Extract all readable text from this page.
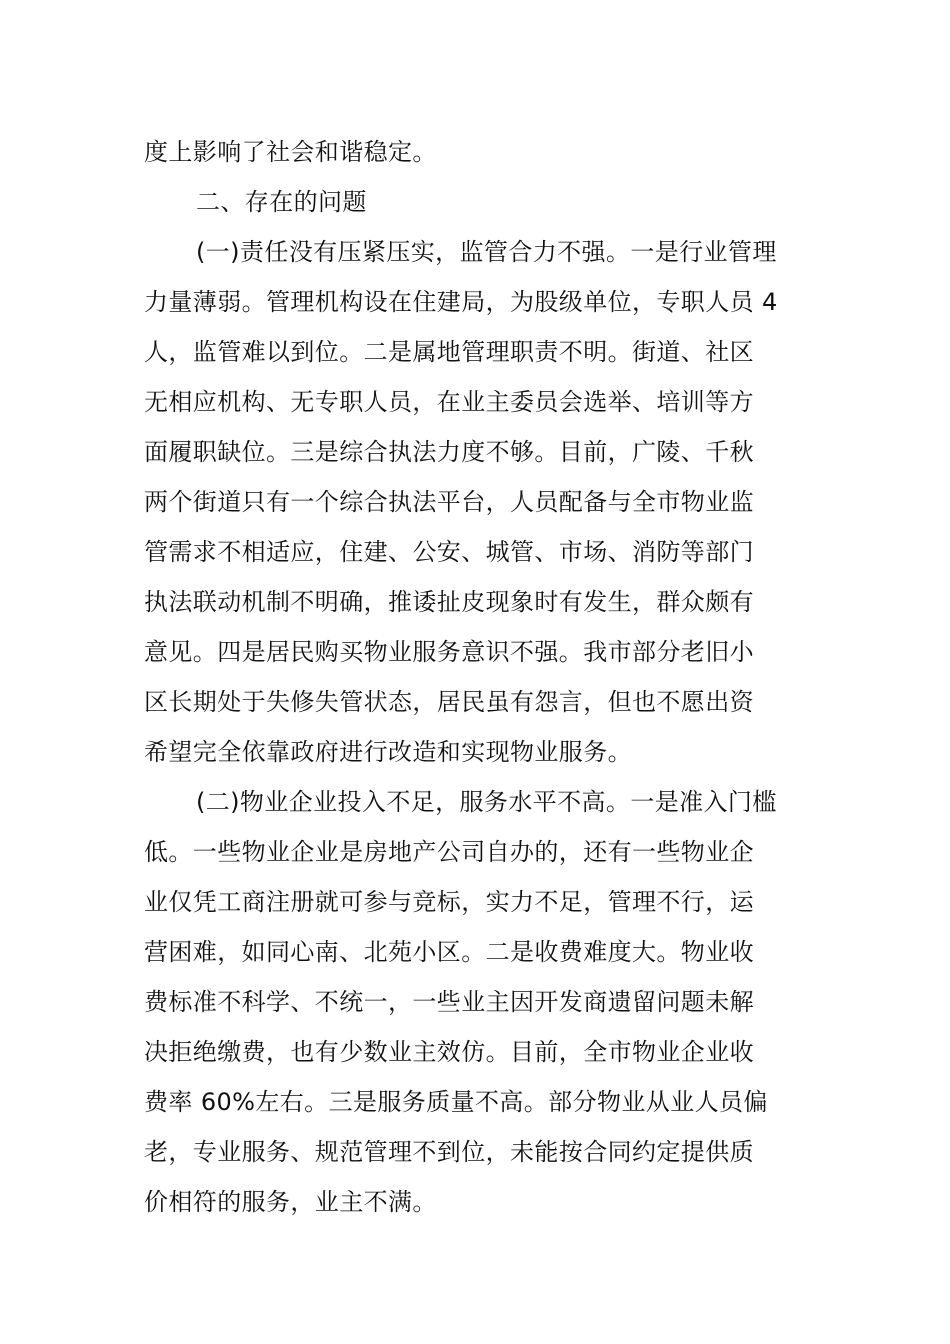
度上影响了社会和谐稳定。
二、存在的问题
(一)责任没有压紧压实，监管合力不强。一是行业管理
力量薄弱。管理机构设在住建局，为股级单位，专职人员 4
人，监管难以到位。二是属地管理职责不明。街道、社区
无相应机构、无专职人员，在业主委员会选举、培训等方
面履职缺位。三是综合执法力度不够。目前，广陵、千秋
两个街道只有一个综合执法平台，人员配备与全市物业监
管需求不相适应，住建、公安、城管、市场、消防等部门
执法联动机制不明确，推诿扯皮现象时有发生，群众颇有
意见。四是居民购买物业服务意识不强。我市部分老旧小
区长期处于失修失管状态，居民虽有怨言，但也不愿出资
希望完全依靠政府进行改造和实现物业服务。
(二)物业企业投入不足，服务水平不高。一是准入门槛
低。一些物业企业是房地产公司自办的，还有一些物业企
业仅凭工商注册就可参与竞标，实力不足，管理不行，运
营困难，如同心南、北苑小区。二是收费难度大。物业收
费标准不科学、不统一，一些业主因开发商遗留问题未解
决拒绝缴费，也有少数业主效仿。目前，全市物业企业收
费率 60%左右。三是服务质量不高。部分物业从业人员偏
老，专业服务、规范管理不到位，未能按合同约定提供质
价相符的服务，业主不满。
